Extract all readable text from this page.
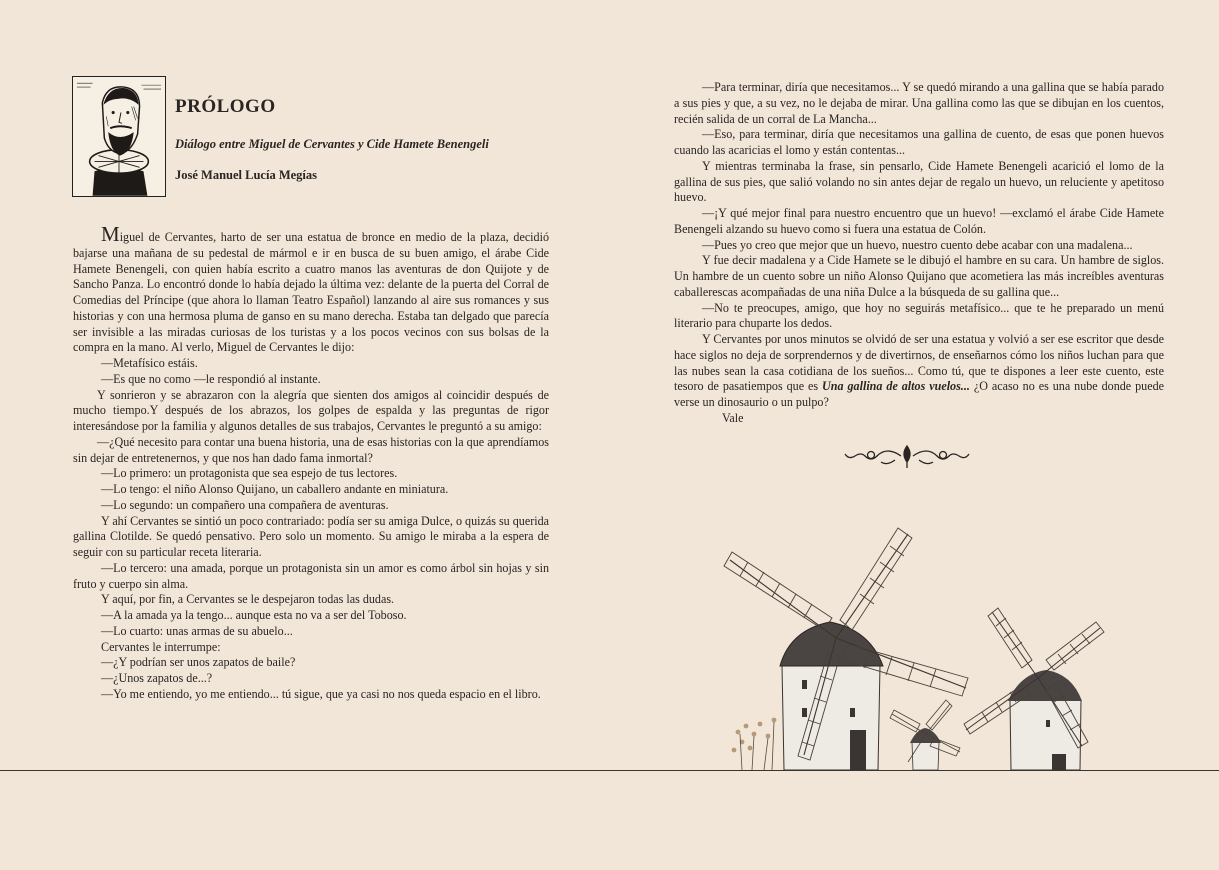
PRÓLOGO
Diálogo entre Miguel de Cervantes y Cide Hamete Benengeli
José Manuel Lucía Megías

Miguel de Cervantes, harto de ser una estatua de bronce en medio de la plaza, decidió bajarse una mañana de su pedestal de mármol e ir en busca de su buen amigo, el árabe Cide Hamete Benengeli, con quien había escrito a cuatro manos las aventuras de don Quijote y de Sancho Panza. Lo encontró donde lo había dejado la última vez: delante de la puerta del Corral de Comedias del Príncipe (que ahora lo llaman Teatro Español) lanzando al aire sus romances y sus historias y con una hermosa pluma de ganso en su mano derecha. Estaba tan delgado que parecía ser invisible a las miradas curiosas de los turistas y a los pocos vecinos con sus bolsas de la compra en la mano. Al verlo, Miguel de Cervantes le dijo:

—Metafísico estáis.

—Es que no como —le respondió al instante.

Y sonrieron y se abrazaron con la alegría que sienten dos amigos al coincidir después de mucho tiempo.Y después de los abrazos, los golpes de espalda y las preguntas de rigor interesándose por la familia y algunos detalles de sus trabajos, Cervantes le preguntó a su amigo:

—¿Qué necesito para contar una buena historia, una de esas historias con la que aprendíamos sin dejar de entretenernos, y que nos han dado fama inmortal?

—Lo primero: un protagonista que sea espejo de tus lectores.

—Lo tengo: el niño Alonso Quijano, un caballero andante en miniatura.

—Lo segundo: un compañero una compañera de aventuras.

Y ahí Cervantes se sintió un poco contrariado: podía ser su amiga Dulce, o quizás su querida gallina Clotilde. Se quedó pensativo. Pero solo un momento. Su amigo le miraba a la espera de seguir con su particular receta literaria.

—Lo tercero: una amada, porque un protagonista sin un amor es como árbol sin hojas y sin fruto y cuerpo sin alma.

Y aquí, por fin, a Cervantes se le despejaron todas las dudas.

—A la amada ya la tengo... aunque esta no va a ser del Toboso.

—Lo cuarto: unas armas de su abuelo...

Cervantes le interrumpe:

—¿Y podrían ser unos zapatos de baile?

—¿Unos zapatos de...?

—Yo me entiendo, yo me entiendo... tú sigue, que ya casi no nos queda espacio en el libro.

—Para terminar, diría que necesitamos... Y se quedó mirando a una gallina que se había parado a sus pies y que, a su vez, no le dejaba de mirar. Una gallina como las que se dibujan en los cuentos, recién salida de un corral de La Mancha...

—Eso, para terminar, diría que necesitamos una gallina de cuento, de esas que ponen huevos cuando las acaricias el lomo y están contentas...

Y mientras terminaba la frase, sin pensarlo, Cide Hamete Benengeli acarició el lomo de la gallina de sus pies, que salió volando no sin antes dejar de regalo un huevo, un reluciente y apetitoso huevo.

—¡Y qué mejor final para nuestro encuentro que un huevo! —exclamó el árabe Cide Hamete Benengeli alzando su huevo como si fuera una estatua de Colón.

—Pues yo creo que mejor que un huevo, nuestro cuento debe acabar con una madalena...

Y fue decir madalena y a Cide Hamete se le dibujó el hambre en su cara. Un hambre de siglos. Un hambre de un cuento sobre un niño Alonso Quijano que acometiera las más increíbles aventuras caballerescas acompañadas de una niña Dulce a la búsqueda de su gallina que...

—No te preocupes, amigo, que hoy no seguirás metafísico... que te he preparado un menú literario para chuparte los dedos.

Y Cervantes por unos minutos se olvidó de ser una estatua y volvió a ser ese escritor que desde hace siglos no deja de sorprendernos y de divertirnos, de enseñarnos cómo los niños luchan para que las nubes sean la casa cotidiana de los sueños... Como tú, que te dispones a leer este cuento, este tesoro de pasatiempos que es Una gallina de altos vuelos... ¿O acaso no es una nube donde puede verse un dinosaurio o un pulpo?

Vale
